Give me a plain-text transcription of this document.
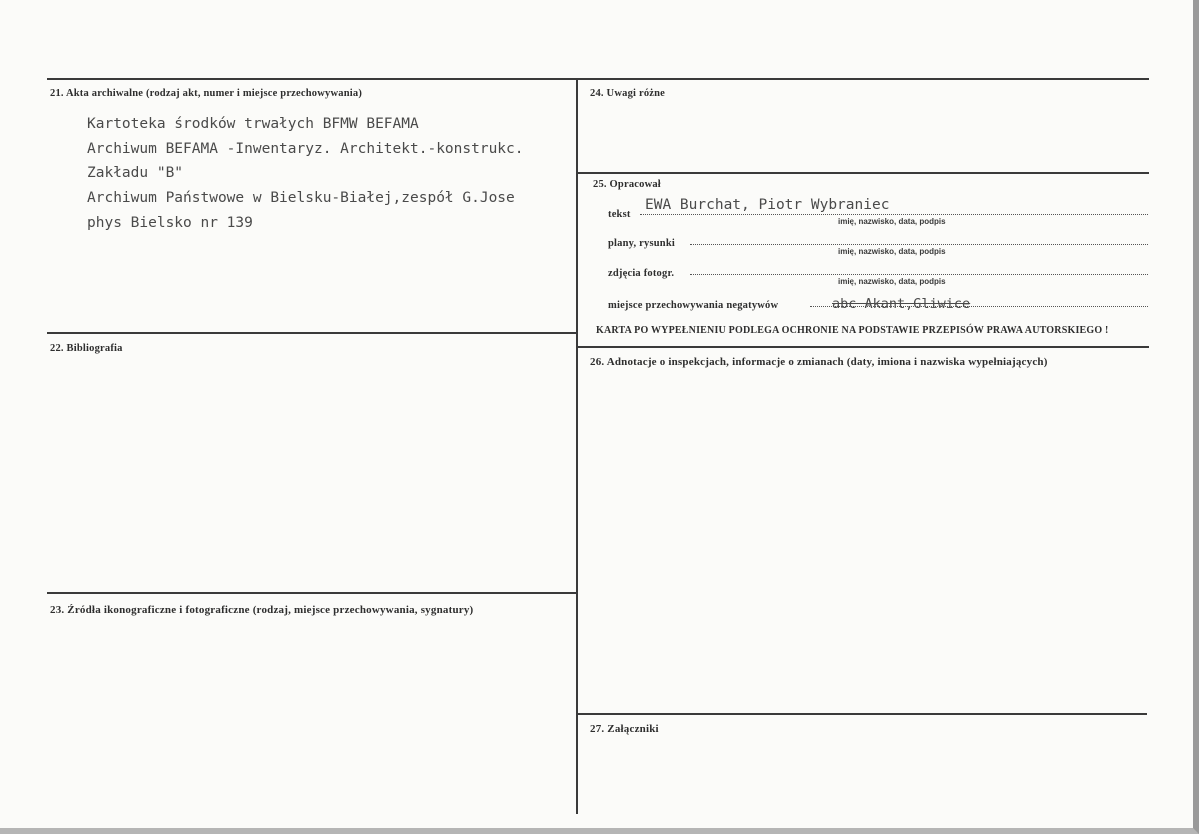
21. Akta archiwalne (rodzaj akt, numer i miejsce przechowywania)
Kartoteka środków trwałych BFMW BEFAMA
Archiwum BEFAMA -Inwentaryz. Architekt.-konstrukc.
Zakładu "B"
Archiwum Państwowe w Bielsku-Białej,zespół G.Jose
phys Bielsko nr 139
22. Bibliografia
23. Źródła ikonograficzne i fotograficzne (rodzaj, miejsce przechowywania, sygnatury)
24. Uwagi różne
25. Opracował
tekst
EWA Burchat, Piotr Wybraniec
imię, nazwisko, data, podpis
plany, rysunki
imię, nazwisko, data, podpis
zdjęcia fotogr.
imię, nazwisko, data, podpis
miejsce przechowywania negatywów	abc Akant,Gliwice
KARTA PO WYPEŁNIENIU PODLEGA OCHRONIE NA PODSTAWIE PRZEPISÓW PRAWA AUTORSKIEGO !
26. Adnotacje o inspekcjach, informacje o zmianach (daty, imiona i nazwiska wypełniających)
27. Załączniki
